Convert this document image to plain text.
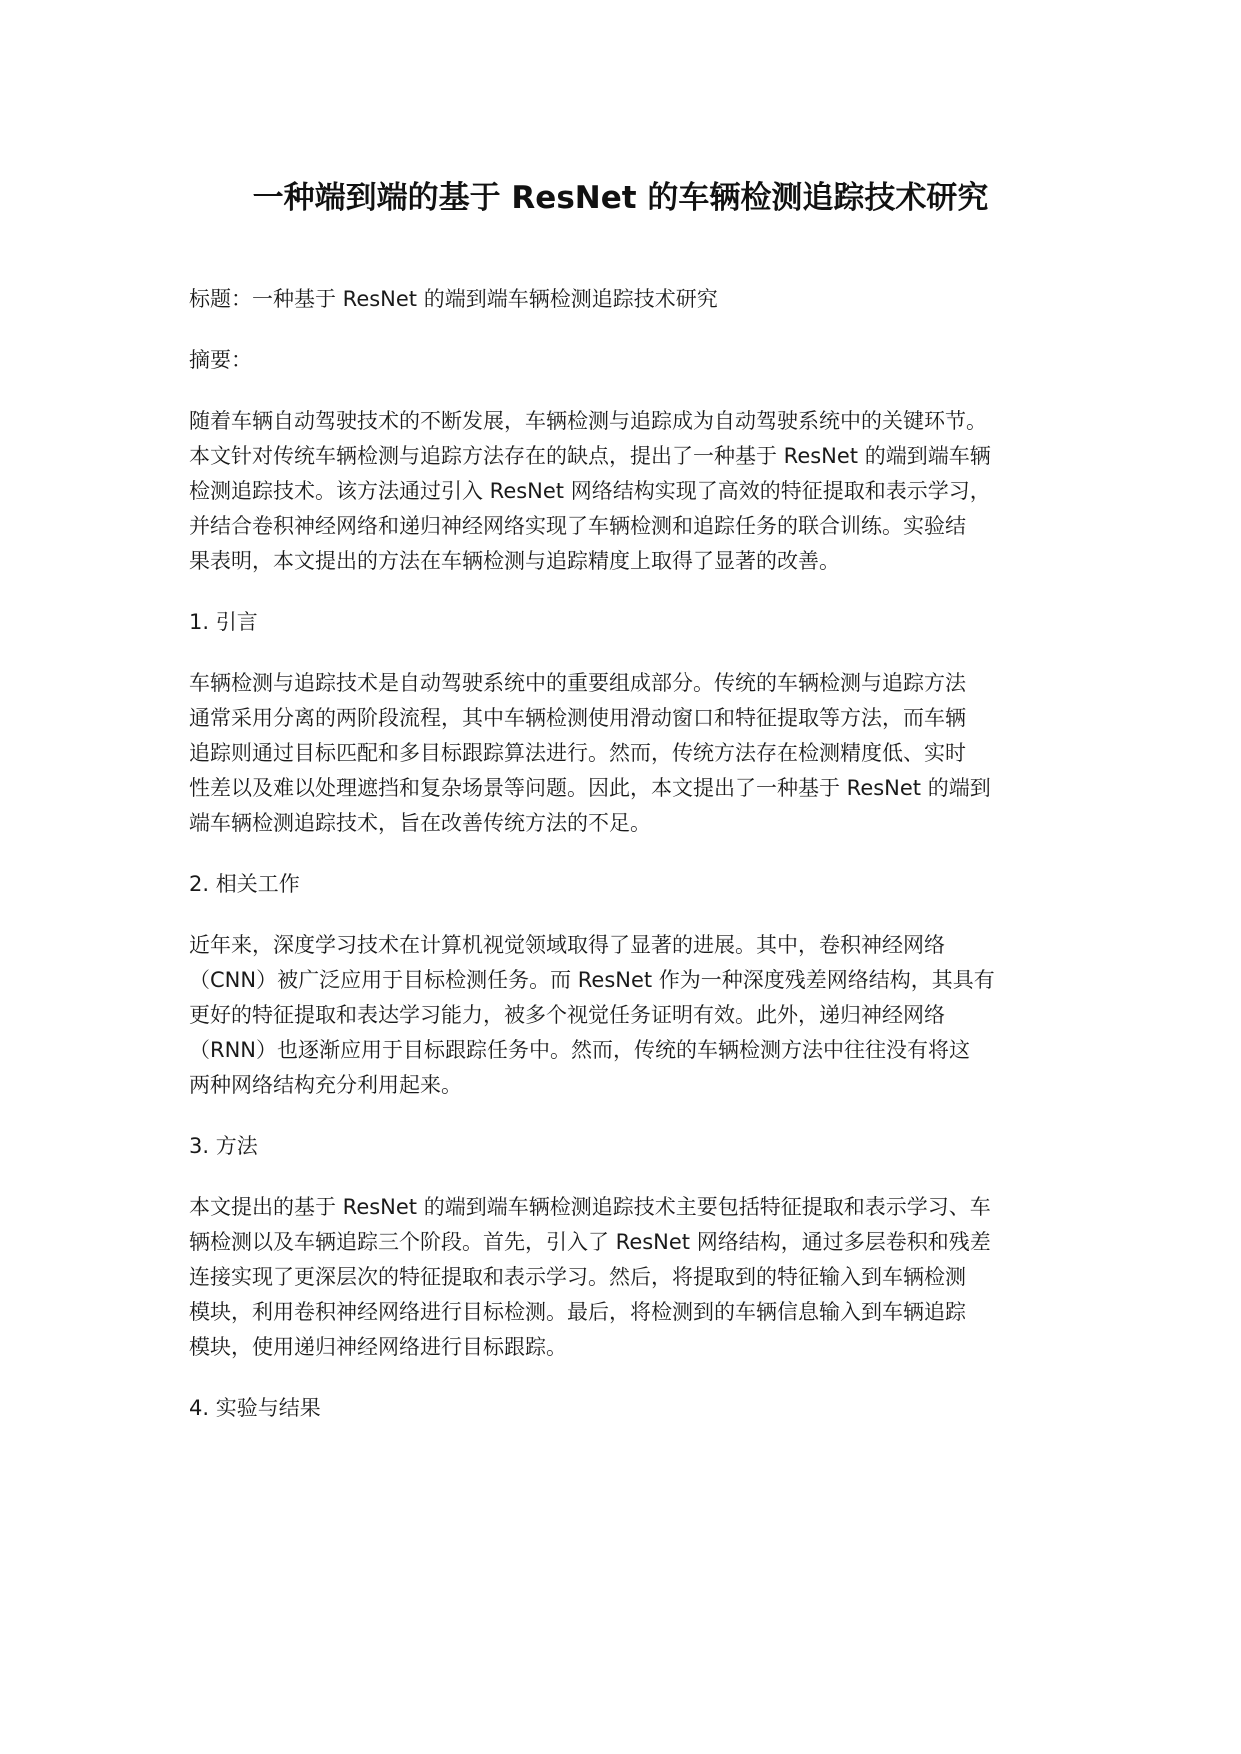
一种端到端的基于 ResNet 的车辆检测追踪技术研究

标题：一种基于 ResNet 的端到端车辆检测追踪技术研究

摘要：

随着车辆自动驾驶技术的不断发展，车辆检测与追踪成为自动驾驶系统中的关键环节。
本文针对传统车辆检测与追踪方法存在的缺点，提出了一种基于 ResNet 的端到端车辆
检测追踪技术。该方法通过引入 ResNet 网络结构实现了高效的特征提取和表示学习，
并结合卷积神经网络和递归神经网络实现了车辆检测和追踪任务的联合训练。实验结
果表明，本文提出的方法在车辆检测与追踪精度上取得了显著的改善。

1. 引言

车辆检测与追踪技术是自动驾驶系统中的重要组成部分。传统的车辆检测与追踪方法
通常采用分离的两阶段流程，其中车辆检测使用滑动窗口和特征提取等方法，而车辆
追踪则通过目标匹配和多目标跟踪算法进行。然而，传统方法存在检测精度低、实时
性差以及难以处理遮挡和复杂场景等问题。因此，本文提出了一种基于 ResNet 的端到
端车辆检测追踪技术，旨在改善传统方法的不足。

2. 相关工作

近年来，深度学习技术在计算机视觉领域取得了显著的进展。其中，卷积神经网络
（CNN）被广泛应用于目标检测任务。而 ResNet 作为一种深度残差网络结构，其具有
更好的特征提取和表达学习能力，被多个视觉任务证明有效。此外，递归神经网络
（RNN）也逐渐应用于目标跟踪任务中。然而，传统的车辆检测方法中往往没有将这
两种网络结构充分利用起来。

3. 方法

本文提出的基于 ResNet 的端到端车辆检测追踪技术主要包括特征提取和表示学习、车
辆检测以及车辆追踪三个阶段。首先，引入了 ResNet 网络结构，通过多层卷积和残差
连接实现了更深层次的特征提取和表示学习。然后，将提取到的特征输入到车辆检测
模块，利用卷积神经网络进行目标检测。最后，将检测到的车辆信息输入到车辆追踪
模块，使用递归神经网络进行目标跟踪。

4. 实验与结果
